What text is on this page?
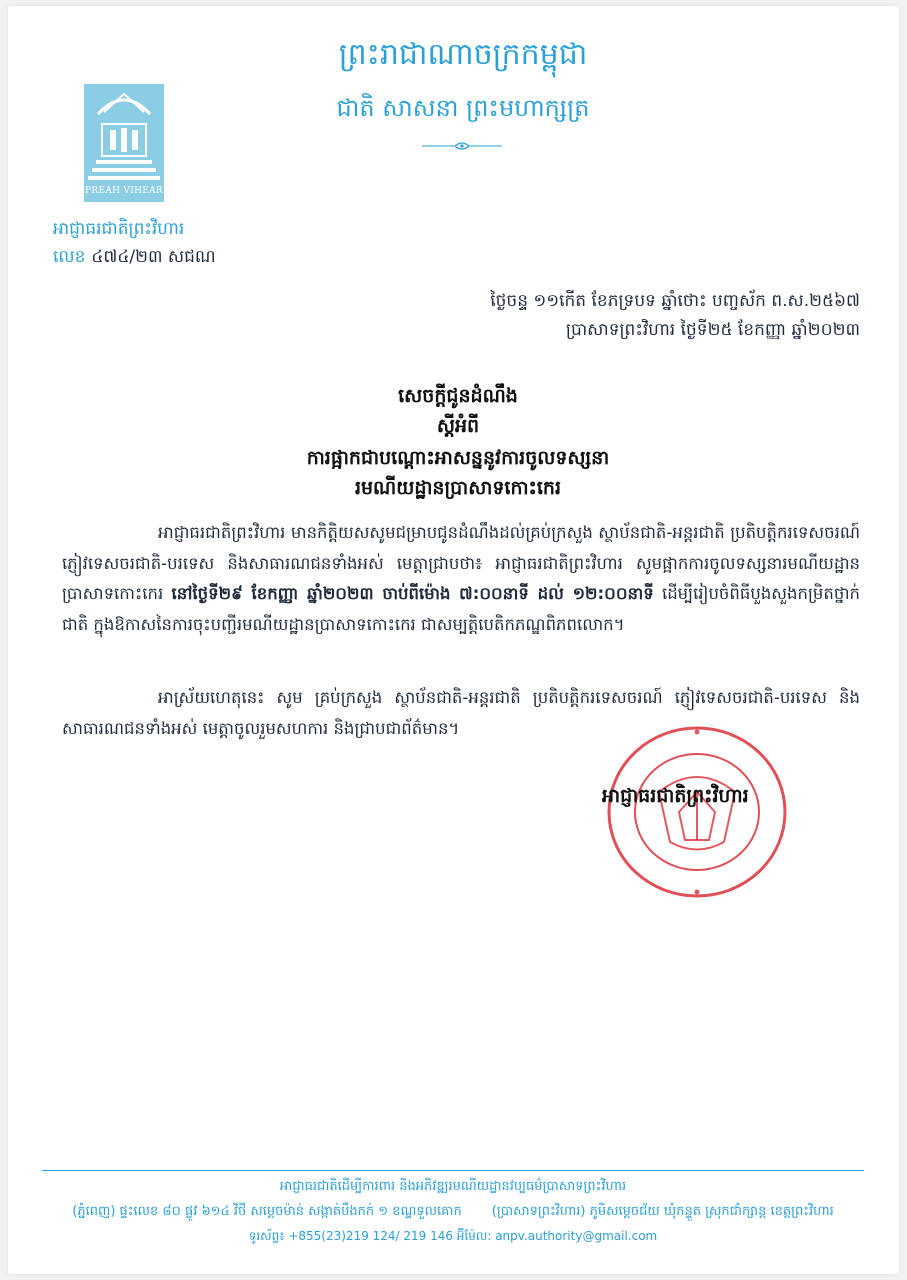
ព្រះរាជាណាចក្រកម្ពុជា
ជាតិ សាសនា ព្រះមហាក្សត្រ
PREAH VIHEAR
អាជ្ញាធរជាតិព្រះវិហារ
លេខ ៤៧៤/២៣ សជណ
ថ្ងៃចន្ទ ១១កើត ខែភទ្របទ ឆ្នាំថោះ បញ្ចស័ក ព.ស.២៥៦៧
ប្រាសាទព្រះវិហារ ថ្ងៃទី២៥ ខែកញ្ញា ឆ្នាំ២០២៣
សេចក្តីជូនដំណឹង
ស្តីអំពី
ការផ្អាកជាបណ្តោះអាសន្ននូវការចូលទស្សនា
រមណីយដ្ឋានប្រាសាទកោះកេរ
អាជ្ញាធរជាតិព្រះវិហារ មានកិត្តិយសសូមជម្រាបជូនដំណឹងដល់គ្រប់ក្រសួង ស្ថាប័នជាតិ-អន្តរជាតិ ប្រតិបត្តិករទេសចរណ៍ ភ្ញៀវទេសចរជាតិ-បរទេស និងសាធារណជនទាំងអស់ មេត្តាជ្រាបថា៖ អាជ្ញាធរជាតិព្រះវិហារ សូមផ្អាកការចូលទស្សនារមណីយដ្ឋានប្រាសាទកោះកេរ នៅថ្ងៃទី២៩ ខែកញ្ញា ឆ្នាំ២០២៣ ចាប់ពីម៉ោង ៧:០០នាទី ដល់ ១២:០០នាទី ដើម្បីរៀបចំពិធីបួងសួងកម្រិតថ្នាក់ជាតិ ក្នុងឱកាសនៃការចុះបញ្ជីរមណីយដ្ឋានប្រាសាទកោះកេរ ជាសម្បត្តិបេតិកភណ្ឌពិភពលោក។
អាស្រ័យហេតុនេះ សូម គ្រប់ក្រសួង ស្ថាប័នជាតិ-អន្តរជាតិ ប្រតិបត្តិករទេសចរណ៍ ភ្ញៀវទេសចរជាតិ-បរទេស និងសាធារណជនទាំងអស់ មេត្តាចូលរួមសហការ និងជ្រាបជាព័ត៌មាន។
អាជ្ញាធរជាតិព្រះវិហារ
អាជ្ញាធរជាតិដើម្បីការពារ និងអភិវឌ្ឍរមណីយដ្ឋានវប្បធម៌ប្រាសាទព្រះវិហារ
(ភ្នំពេញ) ផ្ទះលេខ ៨០ ផ្លូវ ៦១៤ វិថី សម្តេចម៉ាន់ សង្កាត់បឹងកក់ ១ ខណ្ឌទួលគោក (ប្រាសាទព្រះវិហារ) ភូមិសម្តេចជ័យ ឃុំកន្ទួត ស្រុកជាំក្សាន្ត ខេត្តព្រះវិហារ
ទូរស័ព្ទ៖ +855(23)219 124/ 219 146 អ៊ីម៉ែល: anpv.authority@gmail.com
